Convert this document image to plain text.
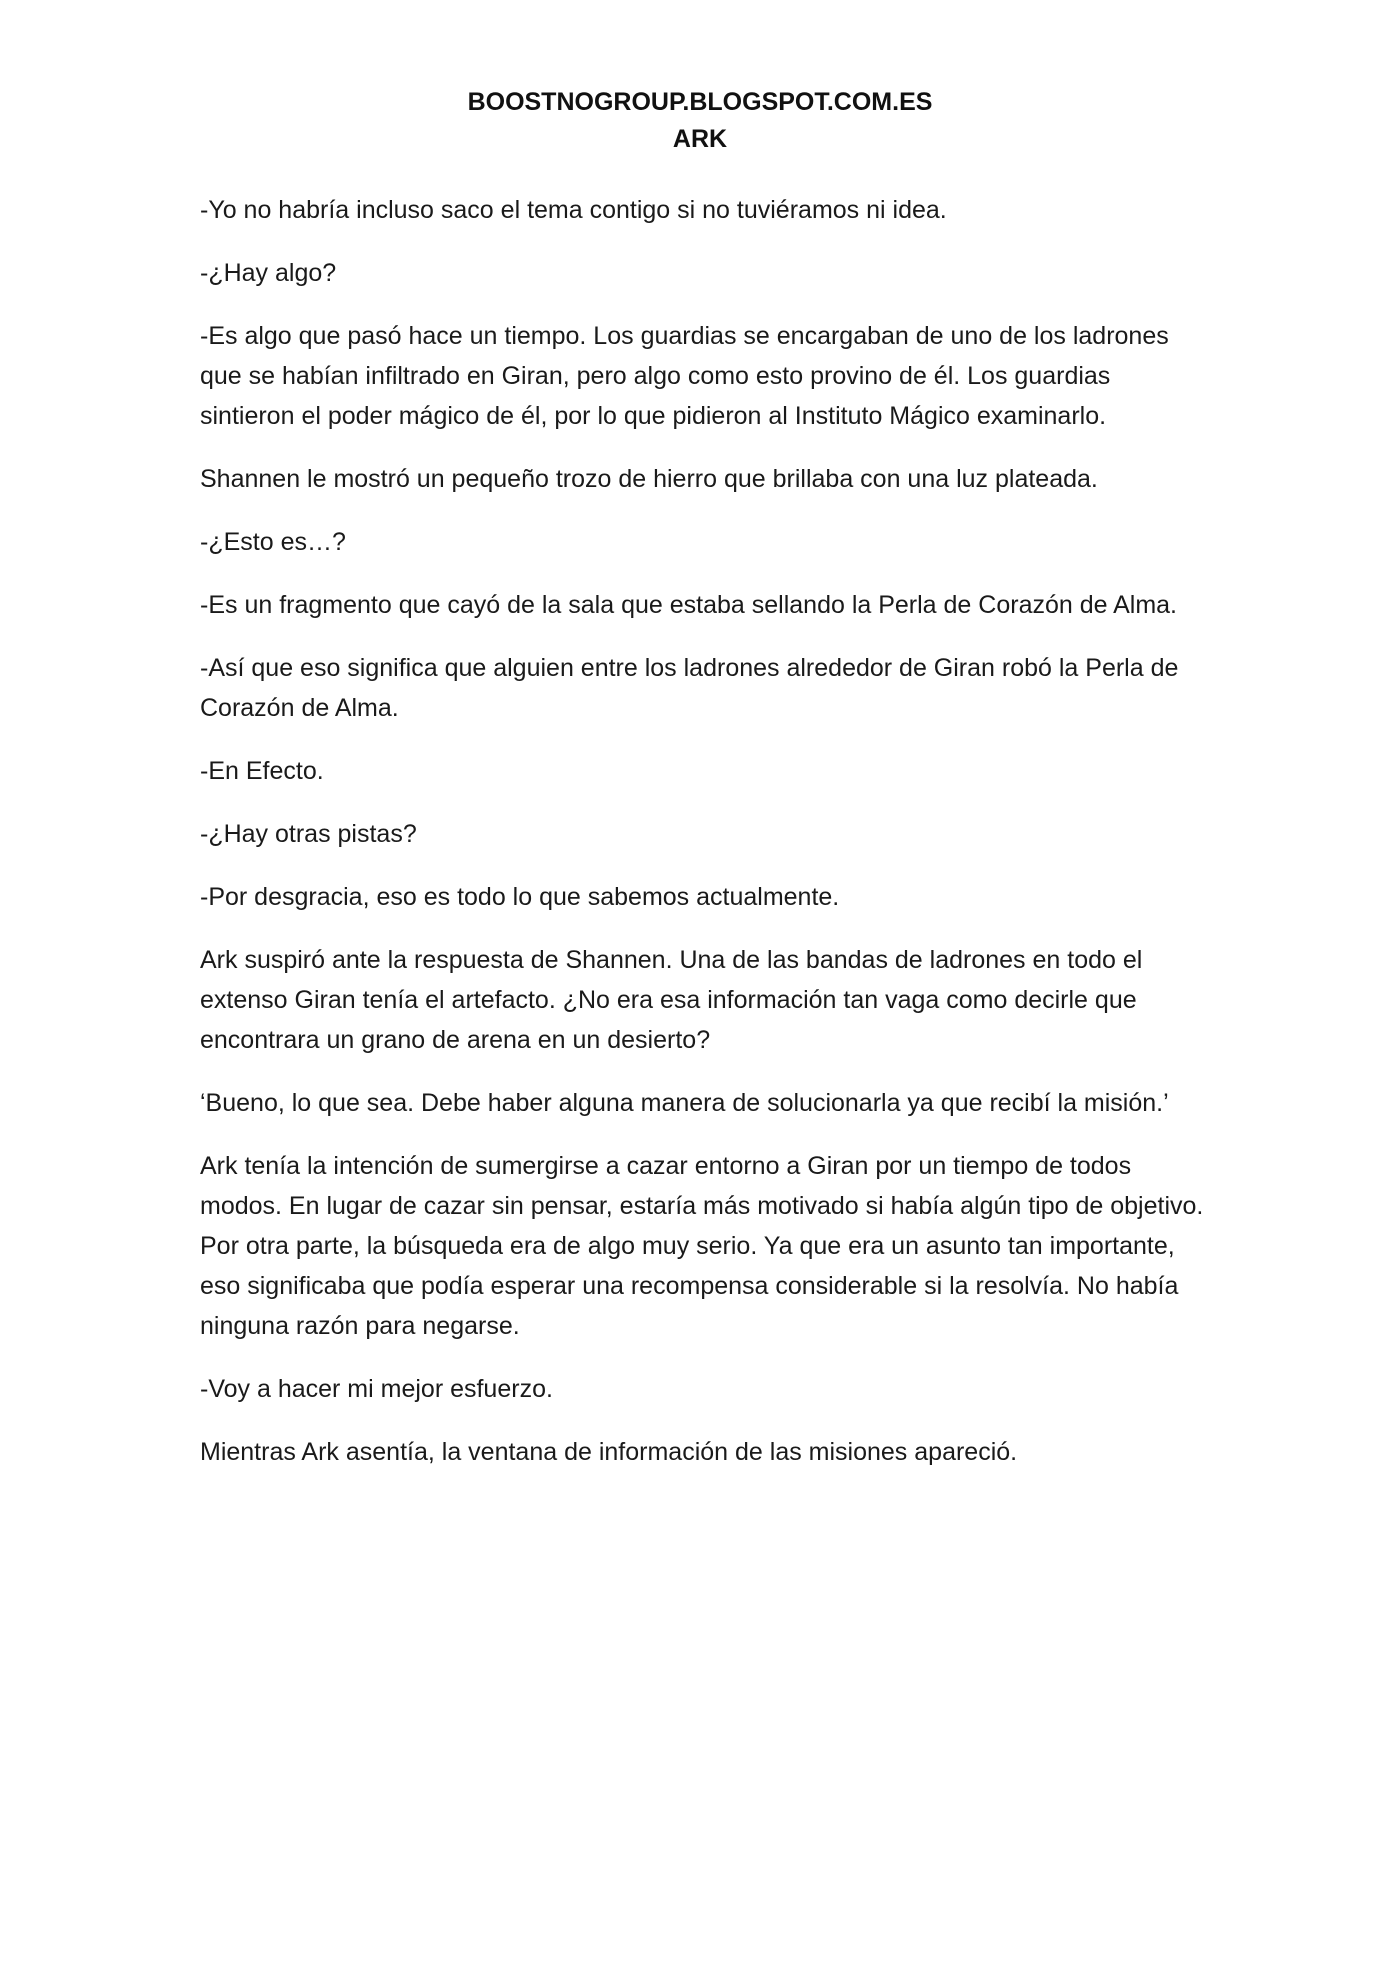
BOOSTNOGROUP.BLOGSPOT.COM.ES
ARK

-Yo no habría incluso saco el tema contigo si no tuviéramos ni idea.

-¿Hay algo?

-Es algo que pasó hace un tiempo. Los guardias se encargaban de uno de los ladrones que se habían infiltrado en Giran, pero algo como esto provino de él. Los guardias sintieron el poder mágico de él, por lo que pidieron al Instituto Mágico examinarlo.

Shannen le mostró un pequeño trozo de hierro que brillaba con una luz plateada.

-¿Esto es…?

-Es un fragmento que cayó de la sala que estaba sellando la Perla de Corazón de Alma.

-Así que eso significa que alguien entre los ladrones alrededor de Giran robó la Perla de Corazón de Alma.

-En Efecto.

-¿Hay otras pistas?

-Por desgracia, eso es todo lo que sabemos actualmente.

Ark suspiró ante la respuesta de Shannen. Una de las bandas de ladrones en todo el extenso Giran tenía el artefacto. ¿No era esa información tan vaga como decirle que encontrara un grano de arena en un desierto?

‘Bueno, lo que sea. Debe haber alguna manera de solucionarla ya que recibí la misión.’

Ark tenía la intención de sumergirse a cazar entorno a Giran por un tiempo de todos modos. En lugar de cazar sin pensar, estaría más motivado si había algún tipo de objetivo. Por otra parte, la búsqueda era de algo muy serio. Ya que era un asunto tan importante, eso significaba que podía esperar una recompensa considerable si la resolvía. No había ninguna razón para negarse.

-Voy a hacer mi mejor esfuerzo.

Mientras Ark asentía, la ventana de información de las misiones apareció.
